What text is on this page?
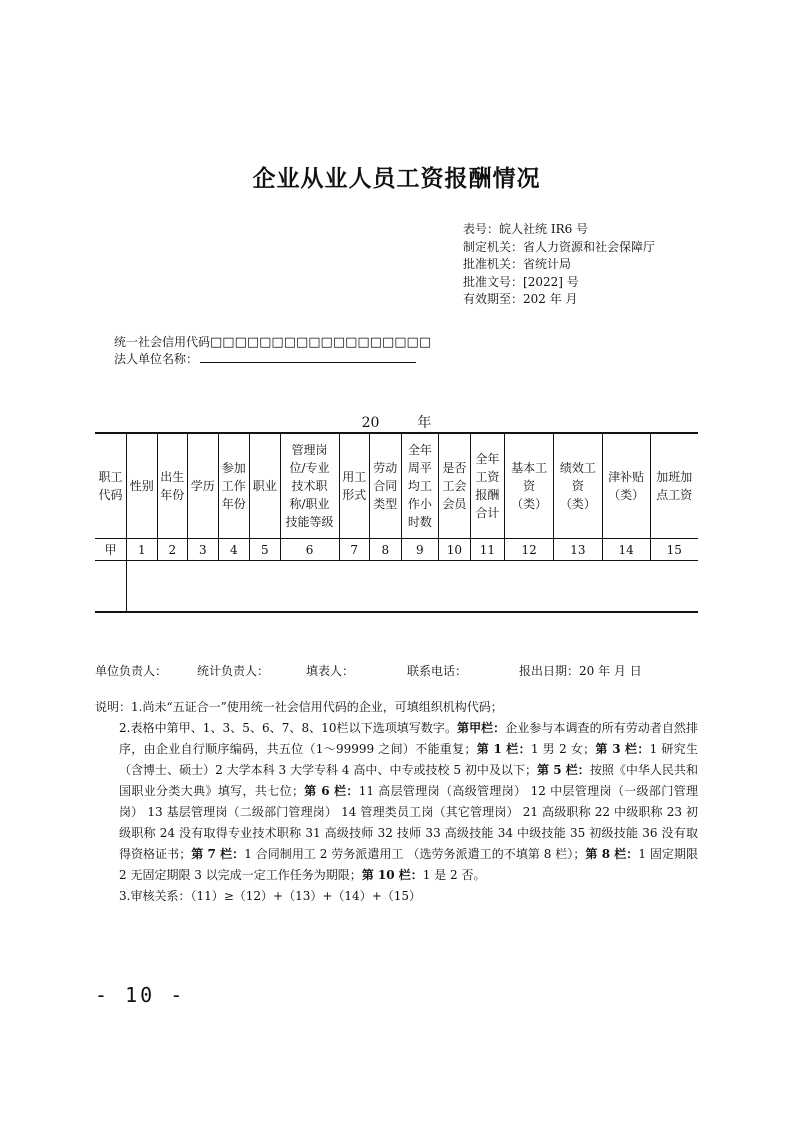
企业从业人员工资报酬情况
表号： 皖人社统 IR6 号
制定机关： 省人力资源和社会保障厅
批准机关： 省统计局
批准文号： [2022] 号
有效期至： 202 年 月
统一社会信用代码□□□□□□□□□□□□□□□□□□
法人单位名称：
20	年
职工代码	性别	出生年份	学历	参加工作年份	职业	管理岗位/专业技术职称/职业技能等级	用工形式	劳动合同类型	全年周平均工作小时数	是否工会会员	全年工资报酬合计	基本工资（类）	绩效工资（类）	津补贴（类）	加班加点工资

甲	1	2	3	4	5	6	7	8	9	10	11	12	13	14	15

单位负责人： 统计负责人：	填表人：	联系电话：	报出日期：20 年 月 日

说明：1.尚未“五证合一”使用统一社会信用代码的企业，可填组织机构代码；

2.表格中第甲、1、3、5、6、7、8、10栏以下选项填写数字。第甲栏：企业参与本调查的所有劳动者自然排序，由企业自行顺序编码，共五位（1～99999 之间）不能重复；第 1 栏：1 男 2 女；第 3 栏：1 研究生（含博士、硕士）2 大学本科 3 大学专科 4 高中、中专或技校 5 初中及以下；第 5 栏：按照《中华人民共和国职业分类大典》填写，共七位；第 6 栏：11 高层管理岗（高级管理岗） 12 中层管理岗（一级部门管理岗） 13 基层管理岗（二级部门管理岗） 14 管理类员工岗（其它管理岗） 21 高级职称 22 中级职称 23 初级职称 24 没有取得专业技术职称 31 高级技师 32 技师 33 高级技能 34 中级技能 35 初级技能 36 没有取得资格证书；第 7 栏：1 合同制用工 2 劳务派遣用工 （选劳务派遣工的不填第 8 栏）；第 8 栏：1 固定期限 2 无固定期限 3 以完成一定工作任务为期限；第 10 栏：1 是 2 否。

3.审核关系：（11）≥（12）+（13）+（14）+（15）

- 10 -
